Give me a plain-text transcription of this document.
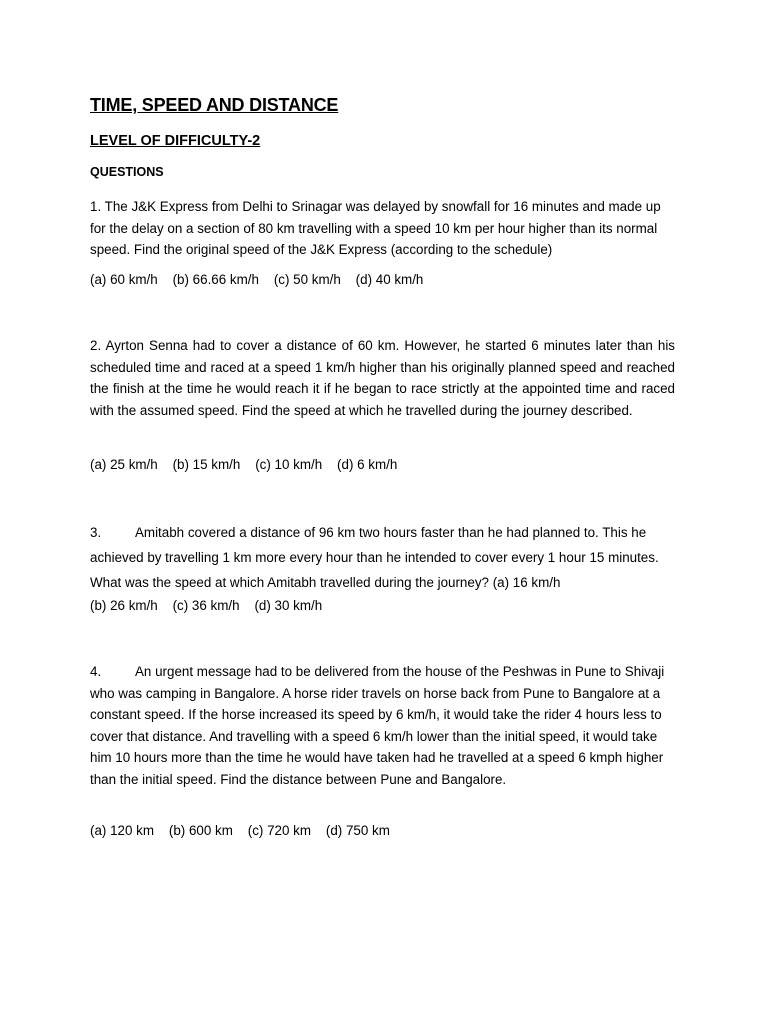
TIME, SPEED AND DISTANCE
LEVEL OF DIFFICULTY-2
QUESTIONS
1. The J&K Express from Delhi to Srinagar was delayed by snowfall for 16 minutes and made up for the delay on a section of 80 km travelling with a speed 10 km per hour higher than its normal speed. Find the original speed of the J&K Express (according to the schedule)
(a) 60 km/h    (b) 66.66 km/h    (c) 50 km/h    (d) 40 km/h
2. Ayrton Senna had to cover a distance of 60 km. However, he started 6 minutes later than his scheduled time and raced at a speed 1 km/h higher than his originally planned speed and reached the finish at the time he would reach it if he began to race strictly at the appointed time and raced with the assumed speed. Find the speed at which he travelled during the journey described.
(a) 25 km/h    (b) 15 km/h    (c) 10 km/h    (d) 6 km/h
3.	Amitabh covered a distance of 96 km two hours faster than he had planned to. This he achieved by travelling 1 km more every hour than he intended to cover every 1 hour 15 minutes. What was the speed at which Amitabh travelled during the journey? (a) 16 km/h
(b) 26 km/h    (c) 36 km/h    (d) 30 km/h
4.	An urgent message had to be delivered from the house of the Peshwas in Pune to Shivaji who was camping in Bangalore. A horse rider travels on horse back from Pune to Bangalore at a constant speed. If the horse increased its speed by 6 km/h, it would take the rider 4 hours less to cover that distance. And travelling with a speed 6 km/h lower than the initial speed, it would take him 10 hours more than the time he would have taken had he travelled at a speed 6 kmph higher than the initial speed. Find the distance between Pune and Bangalore.
(a) 120 km    (b) 600 km    (c) 720 km    (d) 750 km
